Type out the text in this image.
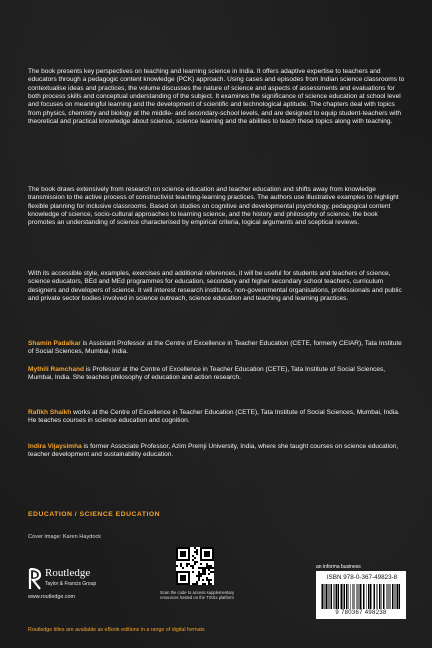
The book presents key perspectives on teaching and learning science in India. It offers adaptive expertise to teachers and educators through a pedagogic content knowledge (PCK) approach. Using cases and episodes from Indian science classrooms to contextualise ideas and practices, the volume discusses the nature of science and aspects of assessments and evaluations for both process skills and conceptual understanding of the subject. It examines the significance of science education at school level and focuses on meaningful learning and the development of scientific and technological aptitude. The chapters deal with topics from physics, chemistry and biology at the middle- and secondary-school levels, and are designed to equip student-teachers with theoretical and practical knowledge about science, science learning and the abilities to teach these topics along with teaching.

The book draws extensively from research on science education and teacher education and shifts away from knowledge transmission to the active process of constructivist teaching-learning practices. The authors use illustrative examples to highlight flexible planning for inclusive classrooms. Based on studies on cognitive and developmental psychology, pedagogical content knowledge of science, socio-cultural approaches to learning science, and the history and philosophy of science, the book promotes an understanding of science characterised by empirical criteria, logical arguments and sceptical reviews.

With its accessible style, examples, exercises and additional references, it will be useful for students and teachers of science, science educators, BEd and MEd programmes for education, secondary and higher secondary school teachers, curriculum designers and developers of science. It will interest research institutes, non-governmental organisations, professionals and public and private sector bodies involved in science outreach, science education and teaching and learning practices.

Shamin Padalkar is Assistant Professor at the Centre of Excellence in Teacher Education (CETE, formerly CEIAR), Tata Institute of Social Sciences, Mumbai, India.

Mythili Ramchand is Professor at the Centre of Excellence in Teacher Education (CETE), Tata Institute of Social Sciences, Mumbai, India. She teaches philosophy of education and action research.

Rafikh Shaikh works at the Centre of Excellence in Teacher Education (CETE), Tata Institute of Social Sciences, Mumbai, India. He teaches courses in science education and cognition.

Indira Vijaysimha is former Associate Professor, Azim Premji University, India, where she taught courses on science education, teacher development and sustainability education.

EDUCATION / SCIENCE EDUCATION
Cover image: Karen Haydock
Routledge
Taylor & Francis Group
www.routledge.com
Scan the code to access supplementary resources hosted on the TISSx platform
an informa business
ISBN 978-0-367-49823-8
9 780367 498238
Routledge titles are available as eBook editions in a range of digital formats
